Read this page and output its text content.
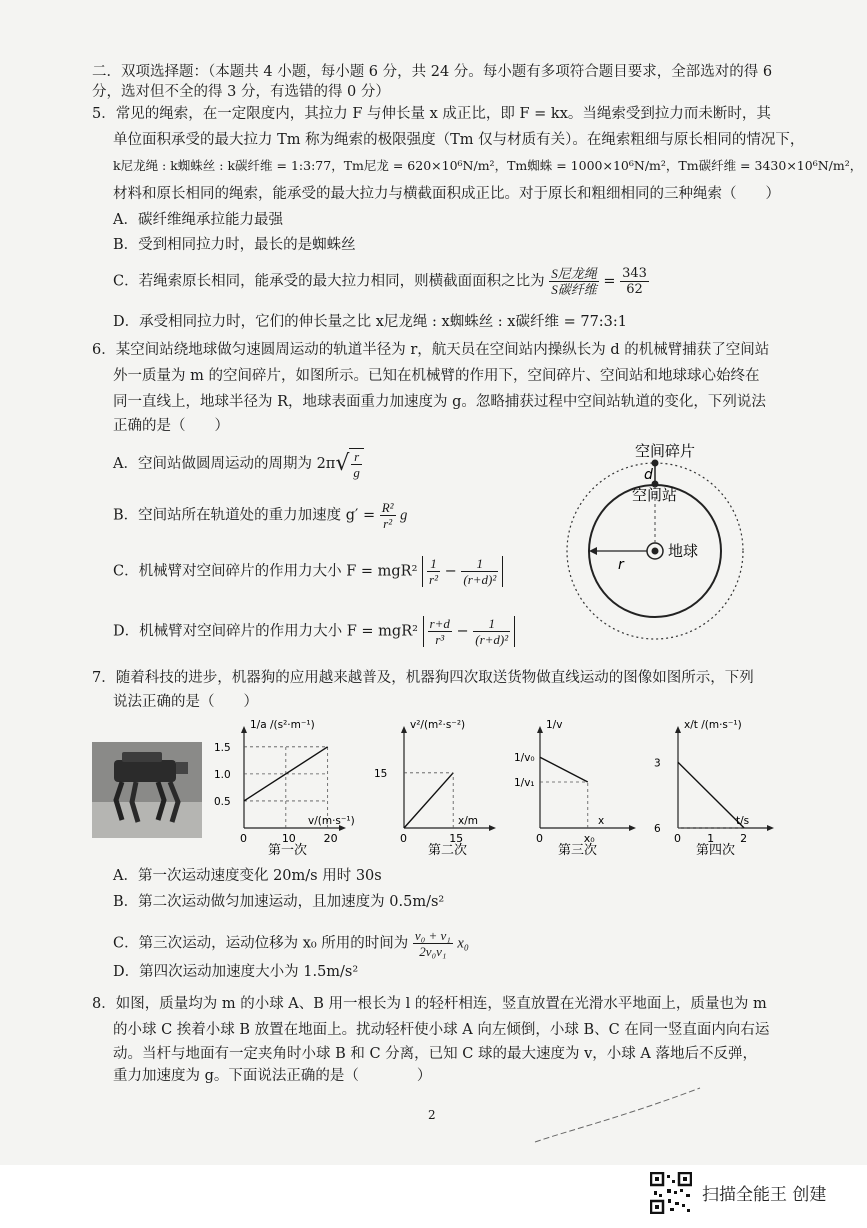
二．双项选择题：（本题共 4 小题，每小题 6 分，共 24 分。每小题有多项符合题目要求，全部选对的得 6
分，选对但不全的得 3 分，有选错的得 0 分）
5．常见的绳索，在一定限度内，其拉力 F 与伸长量 x 成正比，即 F = kx。当绳索受到拉力而未断时，其
单位面积承受的最大拉力 Tm 称为绳索的极限强度（Tm 仅与材质有关）。在绳索粗细与原长相同的情况下，
k尼龙绳 : k蜘蛛丝 : k碳纤维 = 1:3:77，Tm尼龙 = 620×10⁶N/m²，Tm蜘蛛 = 1000×10⁶N/m²，Tm碳纤维 = 3430×10⁶N/m²，
材料和原长相同的绳索，能承受的最大拉力与横截面积成正比。对于原长和粗细相同的三种绳索（　　）
A．碳纤维绳承拉能力最强
B．受到相同拉力时，最长的是蜘蛛丝
C．若绳索原长相同，能承受的最大拉力相同，则横截面面积之比为 $\frac{\text{S尼龙绳}}{\text{S碳纤维}} = \frac{343}{62}$
D．承受相同拉力时，它们的伸长量之比 x尼龙绳 : x蜘蛛丝 : x碳纤维 = 77:3:1
6．某空间站绕地球做匀速圆周运动的轨道半径为 r，航天员在空间站内操纵长为 d 的机械臂捕获了空间站
外一质量为 m 的空间碎片，如图所示。已知在机械臂的作用下，空间碎片、空间站和地球球心始终在
同一直线上，地球半径为 R，地球表面重力加速度为 g。忽略捕获过程中空间站轨道的变化，下列说法
正确的是（　　）
A．空间站做圆周运动的周期为 $2\pi√ \frac{r}{g}$
B．空间站所在轨道处的重力加速度 $g' = \frac{\text{R²}}{\text{r²}}$ g
C．机械臂对空间碎片的作用力大小 $F = mgR^2 \frac{1}{\text{r²}} - \frac{1}{\text{(r+d)²}}$
D．机械臂对空间碎片的作用力大小 $F = mgR^2 \frac{r+d}{\text{r³}} - \frac{1}{\text{(r+d)²}}$
空间碎片
d
空间站
r
地球
7．随着科技的进步，机器狗的应用越来越普及，机器狗四次取送货物做直线运动的图像如图所示，下列
说法正确的是（　　）
0	10	20
0.5
1.0
1.5
1/a /(s²·m⁻¹)
v/(m·s⁻¹)
第一次
0	15
15
v²/(m²·s⁻²)
x/m
第二次
0	x₀
1/v₀
1/v₁
1/v
x
第三次
0 1 2
3
6
x/t /(m·s⁻¹)
t/s
第四次
A．第一次运动速度变化 20m/s 用时 30s
B．第二次运动做匀加速运动，且加速度为 0.5m/s²
C．第三次运动，运动位移为 x₀ 所用的时间为 $\frac{\text{v₀ + v₁}}{\text{2v₀v₁}} x_0$
D．第四次运动加速度大小为 1.5m/s²
8．如图，质量均为 m 的小球 A、B 用一根长为 l 的轻杆相连，竖直放置在光滑水平地面上，质量也为 m
的小球 C 挨着小球 B 放置在地面上。扰动轻杆使小球 A 向左倾倒，小球 B、C 在同一竖直面内向右运
动。当杆与地面有一定夹角时小球 B 和 C 分离，已知 C 球的最大速度为 v，小球 A 落地后不反弹，
重力加速度为 g。下面说法正确的是（　　　　）
2
扫描全能王 创建
